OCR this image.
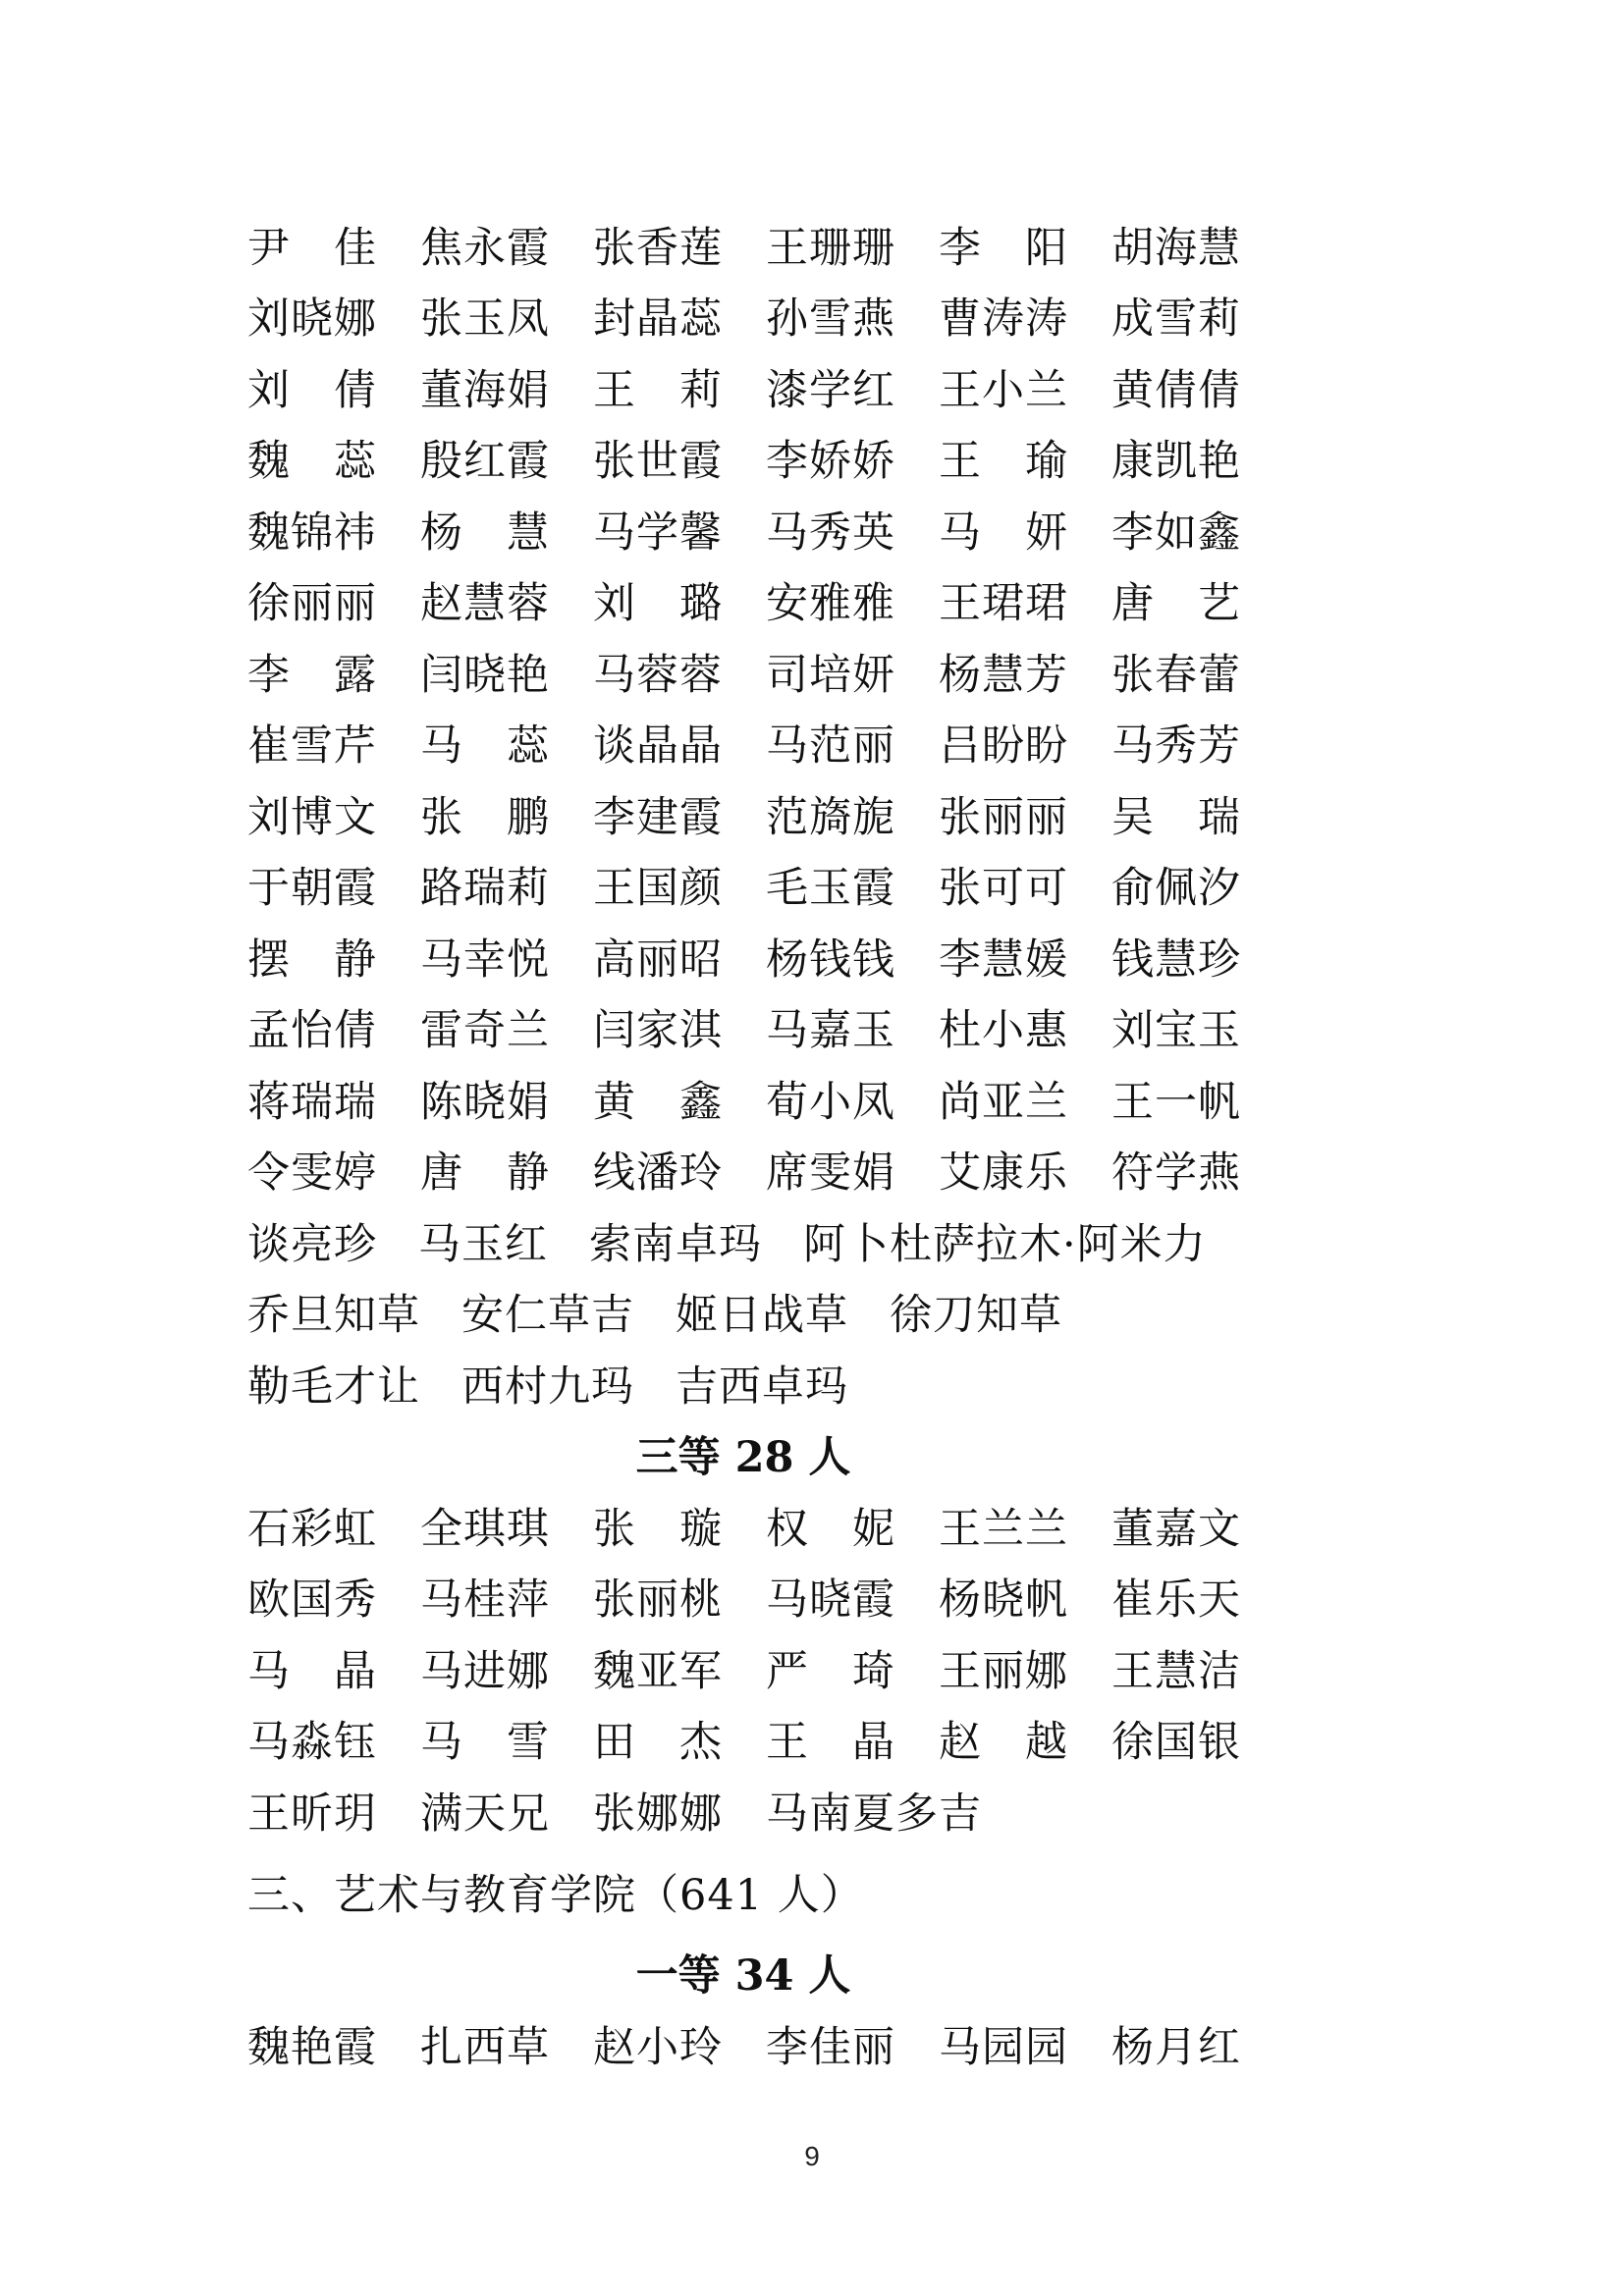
尹　佳	焦永霞	张香莲	王珊珊	李　阳	胡海慧
刘晓娜	张玉凤	封晶蕊	孙雪燕	曹涛涛	成雪莉
刘　倩	董海娟	王　莉	漆学红	王小兰	黄倩倩
魏　蕊	殷红霞	张世霞	李娇娇	王　瑜	康凯艳
魏锦祎	杨　慧	马学馨	马秀英	马　妍	李如鑫
徐丽丽	赵慧蓉	刘　璐	安雅雅	王珺珺	唐　艺
李　露	闫晓艳	马蓉蓉	司培妍	杨慧芳	张春蕾
崔雪芹	马　蕊	谈晶晶	马范丽	吕盼盼	马秀芳
刘博文	张　鹏	李建霞	范旖旎	张丽丽	吴　瑞
于朝霞	路瑞莉	王国颜	毛玉霞	张可可	俞佩汐
摆　静	马幸悦	高丽昭	杨钱钱	李慧媛	钱慧珍
孟怡倩	雷奇兰	闫家淇	马嘉玉	杜小惠	刘宝玉
蒋瑞瑞	陈晓娟	黄　鑫	荀小凤	尚亚兰	王一帆
令雯婷	唐　静	线潘玲	席雯娟	艾康乐	符学燕
谈亮珍 马玉红 索南卓玛 阿卜杜萨拉木·阿米力
乔旦知草 安仁草吉 姬日战草 徐刀知草
勒毛才让 西村九玛 吉西卓玛
三等 28 人
石彩虹	全琪琪	张　璇	权　妮	王兰兰	董嘉文
欧国秀	马桂萍	张丽桃	马晓霞	杨晓帆	崔乐天
马　晶	马进娜	魏亚军	严　琦	王丽娜	王慧洁
马淼钰	马　雪	田　杰	王　晶	赵　越	徐国银
王昕玥	满天兄	张娜娜	马南夏多吉
三、艺术与教育学院（641 人）
一等 34 人
魏艳霞	扎西草	赵小玲	李佳丽	马园园	杨月红
9
